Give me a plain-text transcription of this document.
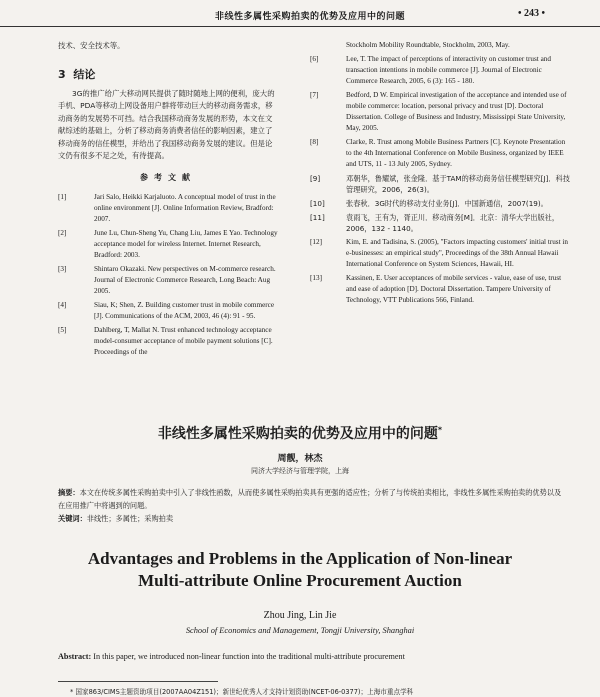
非线性多属性采购拍卖的优势及应用中的问题	• 243 •
技术、安全技术等。
3 结论

3G的推广给广大移动网民提供了随时随地上网的便利，庞大的手机、PDA等移动上网设备用户群将带动巨大的移动商务需求，移动商务的发展势不可挡。结合我国移动商务发展的形势，本文在文献综述的基础上，分析了移动商务消费者信任的影响因素，建立了移动商务的信任模型，并给出了我国移动商务发展的建议。但是论文仍有很多不足之处，有待提高。

参考文献
[1]	Jari Salo, Heikki Karjaluoto. A conceptual model of trust in the online environment [J]. Online Information Review, Bradford: 2007.
[2]	June Lu, Chun-Sheng Yu, Chang Liu, James E Yao. Technology acceptance model for wireless Internet. Internet Research, Bradford: 2003.
[3]	Shintaro Okazaki. New perspectives on M-commerce research. Journal of Electronic Commerce Research, Long Beach: Aug 2005.
[4]	Siau, K; Shen, Z. Building customer trust in mobile commerce [J]. Communications of the ACM, 2003, 46 (4): 91 - 95.
[5]	Dahlberg, T, Mallat N. Trust enhanced technology acceptance model-consumer acceptance of mobile payment solutions [C]. Proceedings of the
Stockholm Mobility Roundtable, Stockholm, 2003, May.
[6]	Lee, T. The impact of perceptions of interactivity on customer trust and transaction intentions in mobile commerce [J]. Journal of Electronic Commerce Research, 2005, 6 (3): 165 - 180.
[7]	Bedford, D W. Empirical investigation of the acceptance and intended use of mobile commerce: location, personal privacy and trust [D]. Doctoral Dissertation. College of Business and Industry, Mississippi State University, May, 2005.
[8]	Clarke, R. Trust among Mobile Business Partners [C]. Keynote Presentation to the 4th International Conference on Mobile Business, organized by IEEE and UTS, 11 - 13 July 2005, Sydney.
[9]	邓朝华，鲁耀斌，张金隆．基于TAM的移动商务信任模型研究[J]．科技管理研究，2006，26(3)。
[10]	张春秋．3G时代的移动支付业务[J]．中国新通信，2007(19)。
[11]	袁雨飞，王有为，胥正川．移动商务[M]．北京：清华大学出版社，2006，132 - 1140。
[12]	Kim, E. and Tadisina, S. (2005), "Factors impacting customers' initial trust in e-businesses: an empirical study", Proceedings of the 38th Annual Hawaii International Conference on System Sciences, Hawaii, HI.
[13]	Kassinen, E. User acceptances of mobile services - value, ease of use, trust and ease of adoption [D]. Doctoral Dissertation. Tampere University of Technology, VTT Publications 566, Finland.
非线性多属性采购拍卖的优势及应用中的问题*
周靓，林杰
同济大学经济与管理学院，上海
摘要：本文在传统多属性采购拍卖中引入了非线性函数，从而使多属性采购拍卖具有更强的适应性；分析了与传统拍卖相比，非线性多属性采购拍卖的优势以及在应用推广中将遇到的问题。
关键词：非线性；多属性；采购拍卖
Advantages and Problems in the Application of Non-linear
Multi-attribute Online Procurement Auction
Zhou Jing, Lin Jie
School of Economics and Management, Tongji University, Shanghai
Abstract: In this paper, we introduced non-linear function into the traditional multi-attribute procurement
* 国家863/CIMS主题资助项目(2007AA04Z151)；新世纪优秀人才支持计划资助(NCET-06-0377)；上海市重点学科
